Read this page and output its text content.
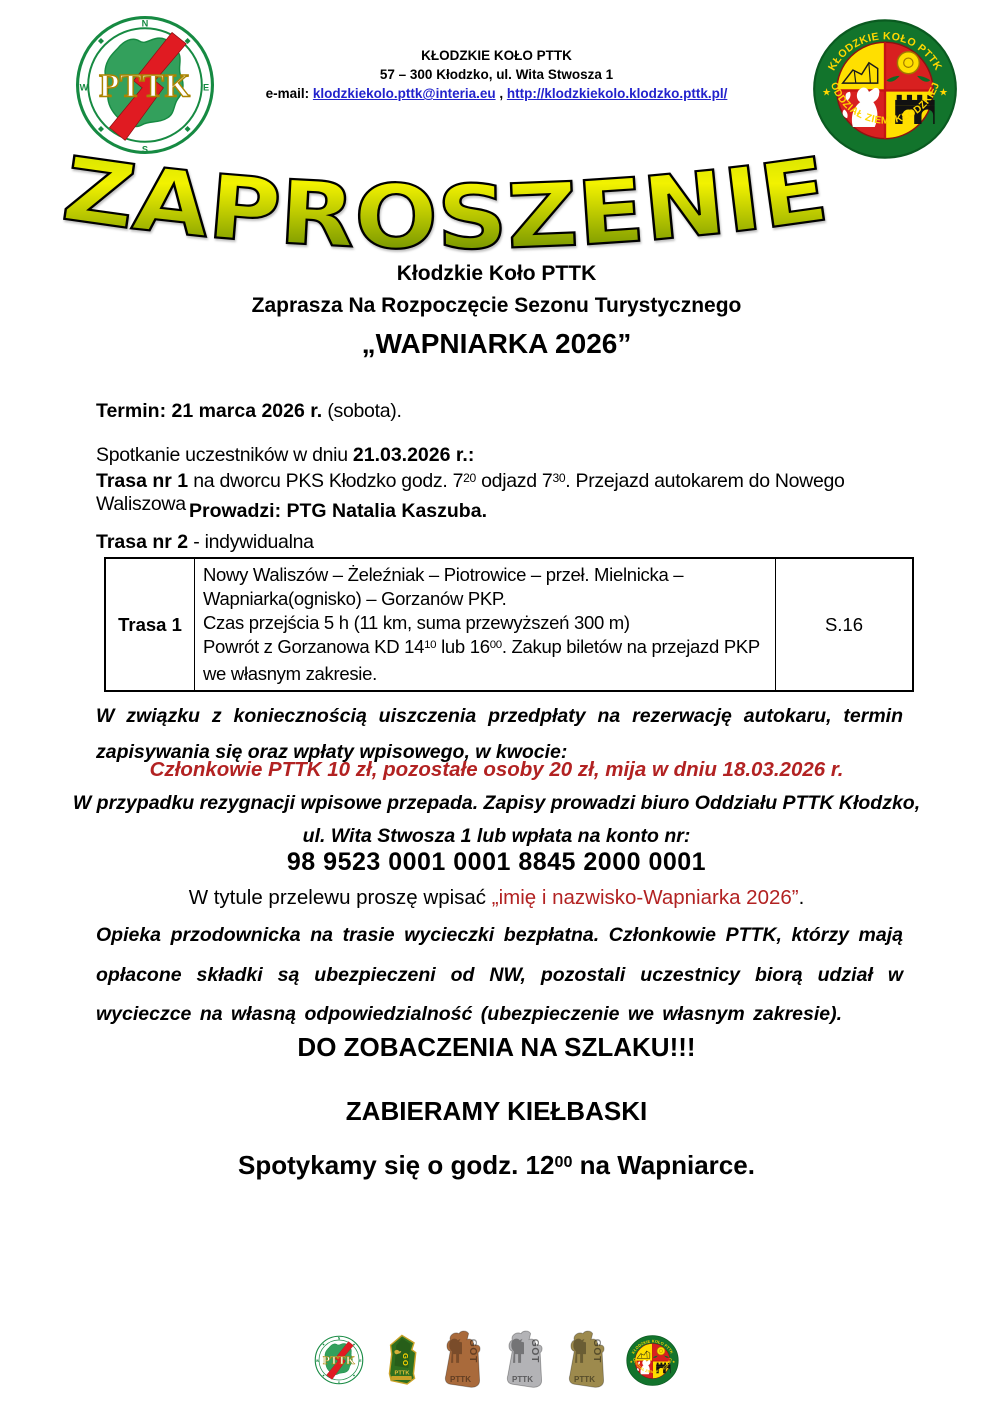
KŁODZKIE KOŁO PTTK
57 – 300 Kłodzko, ul. Wita Stwosza 1
e-mail: klodzkiekolo.pttk@interia.eu , http://klodzkiekolo.klodzko.pttk.pl/
ZAPROSZENIE
Kłodzkie Koło PTTK
Zaprasza Na Rozpoczęcie Sezonu Turystycznego
„WAPNIARKA 2026”
Termin: 21 marca 2026 r. (sobota).
Spotkanie uczestników w dniu 21.03.2026 r.:
Trasa nr 1 na dworcu PKS Kłodzko godz. $7^{20}$ odjazd $7^{30}$. Przejazd autokarem do Nowego Waliszowa Prowadzi: PTG Natalia Kaszuba.
Trasa nr 2 - indywidualna
Trasa 1
Nowy Waliszów – Żeleźniak – Piotrowice – przeł. Mielnicka – Wapniarka(ognisko) – Gorzanów PKP.
Czas przejścia 5 h (11 km, suma przewyższeń 300 m)
Powrót z Gorzanowa KD $14^{10}$ lub $16^{00}$. Zakup biletów na przejazd PKP we własnym zakresie.
S.16
W związku z koniecznością uiszczenia przedpłaty na rezerwację autokaru, termin zapisywania się oraz wpłaty wpisowego, w kwocie:
Członkowie PTTK 10 zł, pozostałe osoby 20 zł, mija w dniu 18.03.2026 r.
W przypadku rezygnacji wpisowe przepada. Zapisy prowadzi biuro Oddziału PTTK Kłodzko,
ul. Wita Stwosza 1 lub wpłata na konto nr:
98 9523 0001 0001 8845 2000 0001
W tytule przelewu proszę wpisać „imię i nazwisko-Wapniarka 2026”.
Opieka przodownicka na trasie wycieczki bezpłatna. Członkowie PTTK, którzy mają opłacone składki są ubezpieczeni od NW, pozostali uczestnicy biorą udział w wycieczce na własną odpowiedzialność (ubezpieczenie we własnym zakresie).
DO ZOBACZENIA NA SZLAKU!!!
ZABIERAMY KIEŁBASKI
Spotykamy się o godz. $12^{00}$ na Wapniarce.
GO
PTTK
GOT
PTTK
GOT
PTTK
GOT
PTTK
